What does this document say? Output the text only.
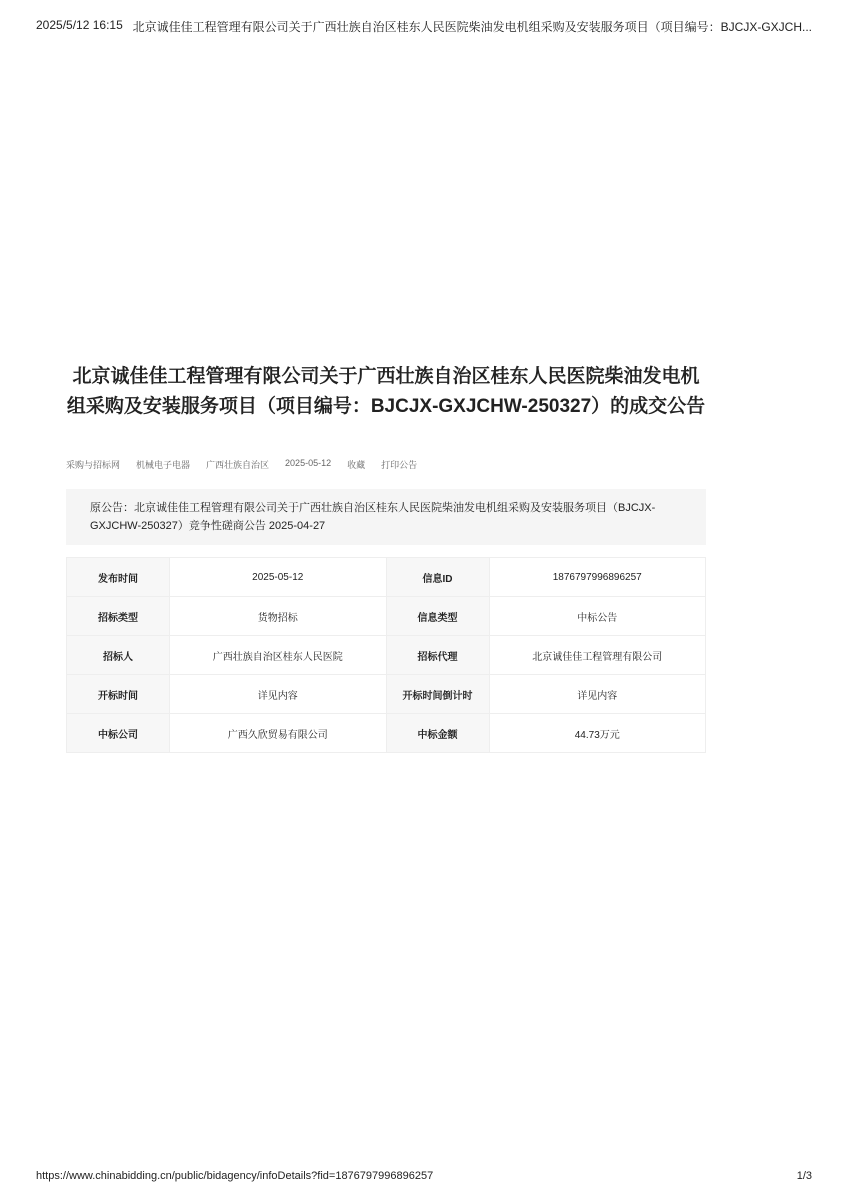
2025/5/12 16:15 北京诚佳佳工程管理有限公司关于广西壮族自治区桂东人民医院柴油发电机组采购及安装服务项目（项目编号：BJCJX-GXJCH...
北京诚佳佳工程管理有限公司关于广西壮族自治区桂东人民医院柴油发电机组采购及安装服务项目（项目编号：BJCJX-GXJCHW-250327）的成交公告
采购与招标网 机械电子电器 广西壮族自治区 2025-05-12 收藏 打印公告
原公告：北京诚佳佳工程管理有限公司关于广西壮族自治区桂东人民医院柴油发电机组采购及安装服务项目（BJCJX-GXJCHW-250327）竞争性磋商公告 2025-04-27
发布时间	2025-05-12	信息ID	1876797996896257
招标类型	货物招标	信息类型	中标公告
招标人	广西壮族自治区桂东人民医院	招标代理	北京诚佳佳工程管理有限公司
开标时间	详见内容	开标时间倒计时	详见内容
中标公司	广西久欣贸易有限公司	中标金额	44.73万元
https://www.chinabidding.cn/public/bidagency/infoDetails?fid=1876797996896257	1/3
